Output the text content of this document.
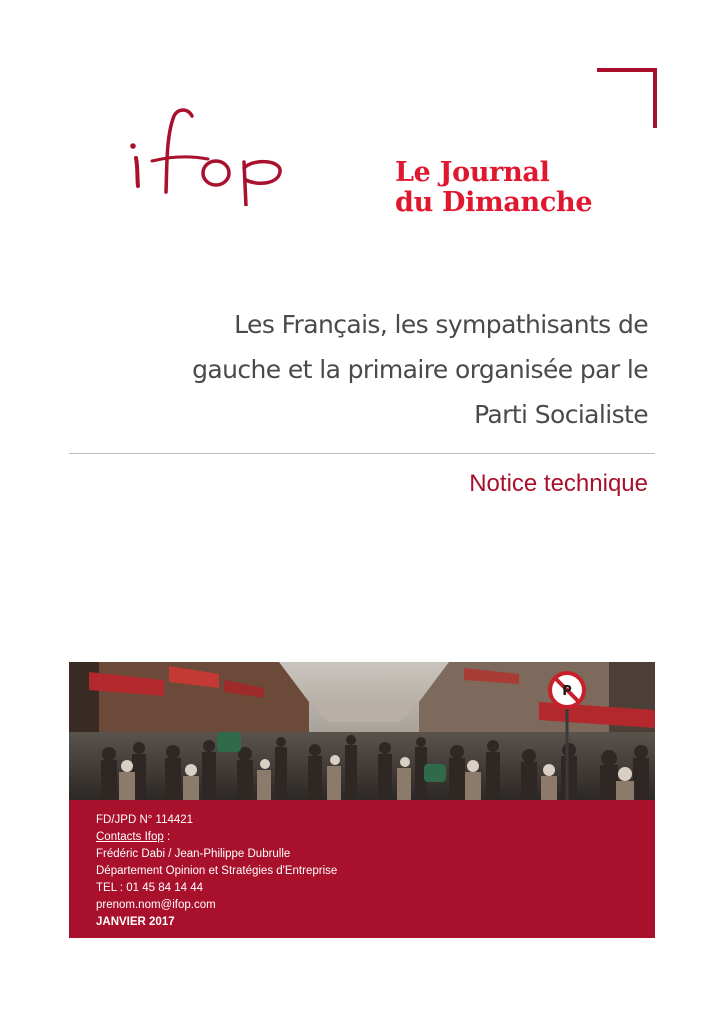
Le Journal
du Dimanche
Les Français, les sympathisants de
gauche et la primaire organisée par le
Parti Socialiste
Notice technique
P
FD/JPD N° 114421
Contacts Ifop :
Frédéric Dabi / Jean-Philippe Dubrulle
Département Opinion et Stratégies d'Entreprise
TEL : 01 45 84 14 44
prenom.nom@ifop.com
JANVIER 2017
